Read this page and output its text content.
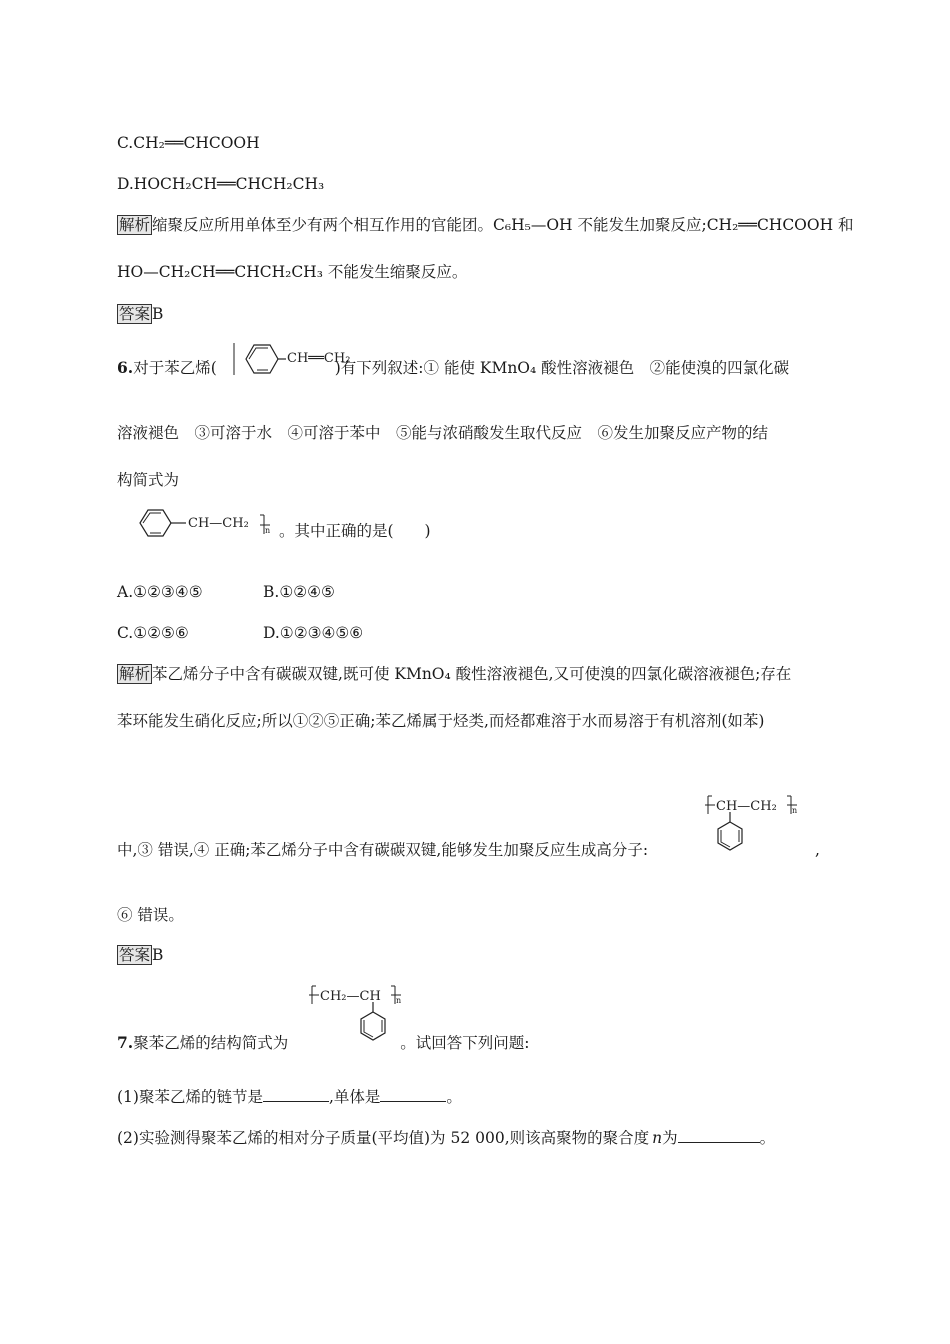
C.CH₂══CHCOOH
D.HOCH₂CH══CHCH₂CH₃
解析 缩聚反应所用单体至少有两个相互作用的官能团。C₆H₅—OH 不能发生加聚反应;CH₂══CHCOOH 和
HO—CH₂CH══CHCH₂CH₃ 不能发生缩聚反应。
答案 B
6.对于苯乙烯(	)有下列叙述:① 能使 KMnO₄ 酸性溶液褪色　②能使溴的四氯化碳
CH══CH₂
溶液褪色　③可溶于水　④可溶于苯中　⑤能与浓硝酸发生取代反应　⑥发生加聚反应产物的结
构简式为
CH—CH₂ n 。其中正确的是(　　)
A.①②③④⑤	B.①②④⑤
C.①②⑤⑥	D.①②③④⑤⑥
解析 苯乙烯分子中含有碳碳双键,既可使 KMnO₄ 酸性溶液褪色,又可使溴的四氯化碳溶液褪色;存在
苯环能发生硝化反应;所以①②⑤正确;苯乙烯属于烃类,而烃都难溶于水而易溶于有机溶剂(如苯)
CH—CH₂ n
中,③ 错误,④ 正确;苯乙烯分子中含有碳碳双键,能够发生加聚反应生成高分子:	,
⑥ 错误。
答案 B
CH₂—CH n
7.聚苯乙烯的结构简式为	。试回答下列问题:
(1)聚苯乙烯的链节是	,单体是	。
(2)实验测得聚苯乙烯的相对分子质量(平均值)为 52 000,则该高聚物的聚合度 n为	。
